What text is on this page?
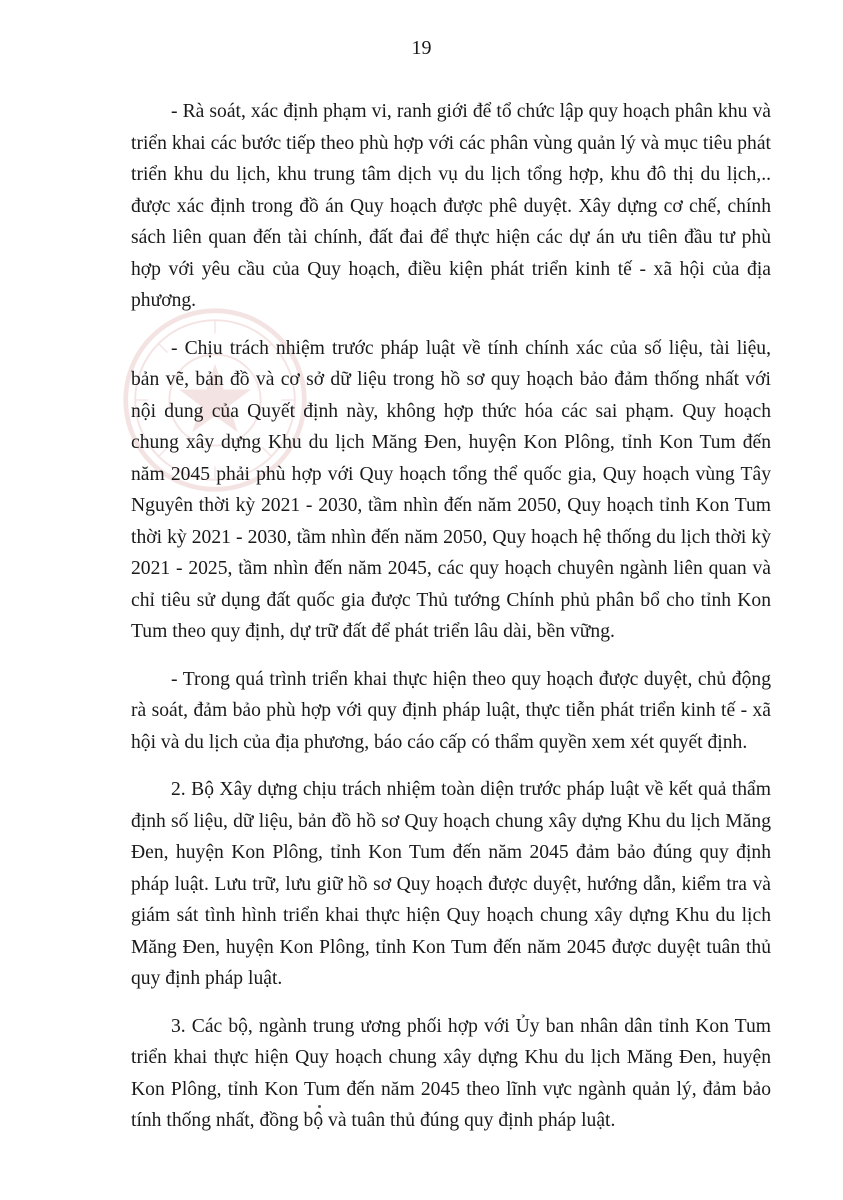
19

- Rà soát, xác định phạm vi, ranh giới để tổ chức lập quy hoạch phân khu và triển khai các bước tiếp theo phù hợp với các phân vùng quản lý và mục tiêu phát triển khu du lịch, khu trung tâm dịch vụ du lịch tổng hợp, khu đô thị du lịch,.. được xác định trong đồ án Quy hoạch được phê duyệt. Xây dựng cơ chế, chính sách liên quan đến tài chính, đất đai để thực hiện các dự án ưu tiên đầu tư phù hợp với yêu cầu của Quy hoạch, điều kiện phát triển kinh tế - xã hội của địa phương.

- Chịu trách nhiệm trước pháp luật về tính chính xác của số liệu, tài liệu, bản vẽ, bản đồ và cơ sở dữ liệu trong hồ sơ quy hoạch bảo đảm thống nhất với nội dung của Quyết định này, không hợp thức hóa các sai phạm. Quy hoạch chung xây dựng Khu du lịch Măng Đen, huyện Kon Plông, tỉnh Kon Tum đến năm 2045 phải phù hợp với Quy hoạch tổng thể quốc gia, Quy hoạch vùng Tây Nguyên thời kỳ 2021 - 2030, tầm nhìn đến năm 2050, Quy hoạch tỉnh Kon Tum thời kỳ 2021 - 2030, tầm nhìn đến năm 2050, Quy hoạch hệ thống du lịch thời kỳ 2021 - 2025, tầm nhìn đến năm 2045, các quy hoạch chuyên ngành liên quan và chỉ tiêu sử dụng đất quốc gia được Thủ tướng Chính phủ phân bổ cho tỉnh Kon Tum theo quy định, dự trữ đất để phát triển lâu dài, bền vững.

- Trong quá trình triển khai thực hiện theo quy hoạch được duyệt, chủ động rà soát, đảm bảo phù hợp với quy định pháp luật, thực tiễn phát triển kinh tế - xã hội và du lịch của địa phương, báo cáo cấp có thẩm quyền xem xét quyết định.

2. Bộ Xây dựng chịu trách nhiệm toàn diện trước pháp luật về kết quả thẩm định số liệu, dữ liệu, bản đồ hồ sơ Quy hoạch chung xây dựng Khu du lịch Măng Đen, huyện Kon Plông, tỉnh Kon Tum đến năm 2045 đảm bảo đúng quy định pháp luật. Lưu trữ, lưu giữ hồ sơ Quy hoạch được duyệt, hướng dẫn, kiểm tra và giám sát tình hình triển khai thực hiện Quy hoạch chung xây dựng Khu du lịch Măng Đen, huyện Kon Plông, tỉnh Kon Tum đến năm 2045 được duyệt tuân thủ quy định pháp luật.

3. Các bộ, ngành trung ương phối hợp với Ủy ban nhân dân tỉnh Kon Tum triển khai thực hiện Quy hoạch chung xây dựng Khu du lịch Măng Đen, huyện Kon Plông, tỉnh Kon Tum đến năm 2045 theo lĩnh vực ngành quản lý, đảm bảo tính thống nhất, đồng bộ và tuân thủ đúng quy định pháp luật.
